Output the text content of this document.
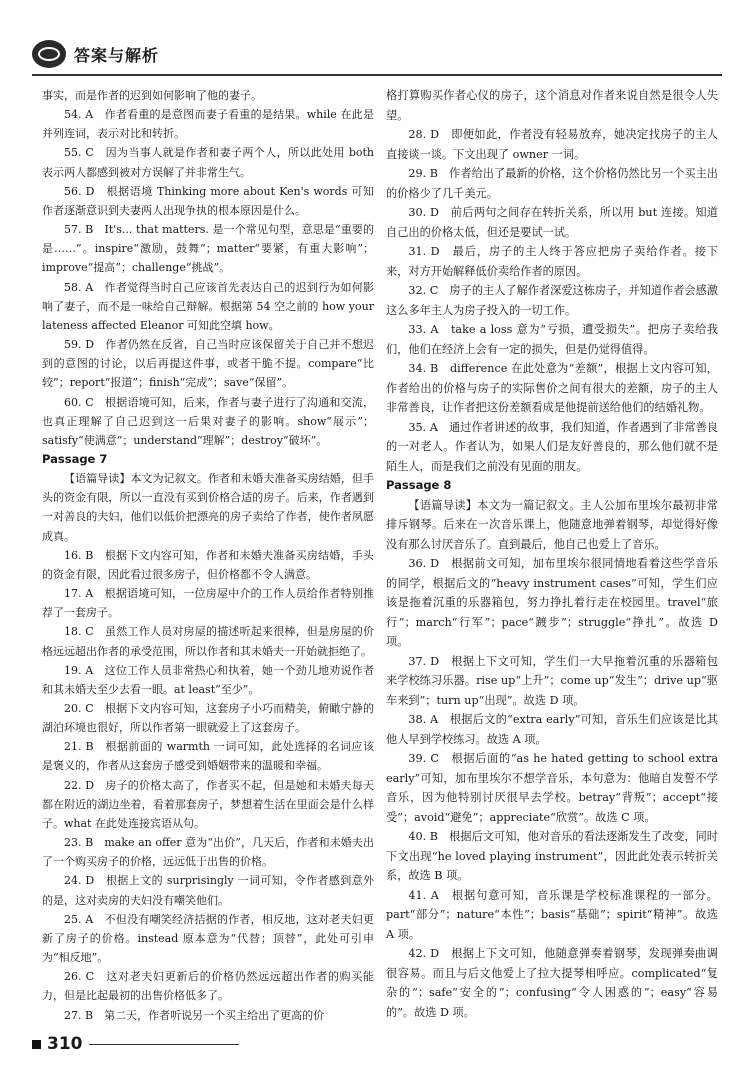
答案与解析

事实，而是作者的迟到如何影响了他的妻子。

54. A　作者看重的是意图而妻子看重的是结果。while 在此是并列连词，表示对比和转折。

55. C　因为当事人就是作者和妻子两个人，所以此处用 both 表示两人都感到被对方误解了并非常生气。

56. D　根据语境 Thinking more about Ken's words 可知作者逐渐意识到夫妻两人出现争执的根本原因是什么。

57. B　It's... that matters. 是一个常见句型，意思是“重要的是……”。inspire“激励，鼓舞”；matter“要紧，有重大影响”；improve“提高”；challenge“挑战”。

58. A　作者觉得当时自己应该首先表达自己的迟到行为如何影响了妻子，而不是一味给自己辩解。根据第 54 空之前的 how your lateness affected Eleanor 可知此空填 how。

59. D　作者仍然在反省，自己当时应该保留关于自己并不想迟到的意图的讨论，以后再提这件事，或者干脆不提。compare“比较”；report“报道”；finish“完成”；save“保留”。

60. C　根据语境可知，后来，作者与妻子进行了沟通和交流，也真正理解了自己迟到这一后果对妻子的影响。show“展示”；satisfy“使满意”；understand“理解”；destroy“破坏”。

Passage 7

【语篇导读】本文为记叙文。作者和未婚夫准备买房结婚，但手头的资金有限，所以一直没有买到价格合适的房子。后来，作者遇到一对善良的夫妇，他们以低价把漂亮的房子卖给了作者，使作者夙愿成真。

16. B　根据下文内容可知，作者和未婚夫准备买房结婚，手头的资金有限，因此看过很多房子，但价格都不令人满意。

17. A　根据语境可知，一位房屋中介的工作人员给作者特别推荐了一套房子。

18. C　虽然工作人员对房屋的描述听起来很棒，但是房屋的价格远远超出作者的承受范围，所以作者和其未婚夫一开始就拒绝了。

19. A　这位工作人员非常热心和执着，她一个劲儿地劝说作者和其未婚夫至少去看一眼。at least“至少”。

20. C　根据下文内容可知，这套房子小巧而精美，俯瞰宁静的湖泊环境也很好，所以作者第一眼就爱上了这套房子。

21. B　根据前面的 warmth 一词可知，此处选择的名词应该是褒义的，作者从这套房子感受到婚姻带来的温暖和幸福。

22. D　房子的价格太高了，作者买不起，但是她和未婚夫每天都在附近的湖边坐着，看着那套房子，梦想着生活在里面会是什么样子。what 在此处连接宾语从句。

23. B　make an offer 意为“出价”，几天后，作者和未婚夫出了一个购买房子的价格，远远低于出售的价格。

24. D　根据上文的 surprisingly 一词可知，令作者感到意外的是，这对卖房的夫妇没有嘲笑他们。

25. A　不但没有嘲笑经济拮据的作者，相反地，这对老夫妇更新了房子的价格。instead 原本意为“代替；顶替”，此处可引申为“相反地”。

26. C　这对老夫妇更新后的价格仍然远远超出作者的购买能力，但是比起最初的出售价格低多了。

27. B　第二天，作者听说另一个买主给出了更高的价

格打算购买作者心仪的房子，这个消息对作者来说自然是很令人失望。

28. D　即便如此，作者没有轻易放弃，她决定找房子的主人直接谈一谈。下文出现了 owner 一词。

29. B　作者给出了最新的价格，这个价格仍然比另一个买主出的价格少了几千美元。

30. D　前后两句之间存在转折关系，所以用 but 连接。知道自己出的价格太低，但还是要试一试。

31. D　最后，房子的主人终于答应把房子卖给作者。接下来，对方开始解释低价卖给作者的原因。

32. C　房子的主人了解作者深爱这栋房子，并知道作者会感激这么多年主人为房子投入的一切工作。

33. A　take a loss 意为“亏损，遭受损失”。把房子卖给我们，他们在经济上会有一定的损失，但是仍觉得值得。

34. B　difference 在此处意为“差额”，根据上文内容可知，作者给出的价格与房子的实际售价之间有很大的差额，房子的主人非常善良，让作者把这份差额看成是他提前送给他们的结婚礼物。

35. A　通过作者讲述的故事，我们知道，作者遇到了非常善良的一对老人。作者认为，如果人们是友好善良的，那么他们就不是陌生人，而是我们之前没有见面的朋友。

Passage 8

【语篇导读】本文为一篇记叙文。主人公加布里埃尔最初非常排斥钢琴。后来在一次音乐课上，他随意地弹着钢琴，却觉得好像没有那么讨厌音乐了。直到最后，他自己也爱上了音乐。

36. D　根据前文可知，加布里埃尔很同情地看着这些学音乐的同学，根据后文的“heavy instrument cases”可知，学生们应该是拖着沉重的乐器箱包，努力挣扎着行走在校园里。travel“旅行”；march“行军”；pace“踱步”；struggle“挣扎”。故选 D 项。

37. D　根据上下文可知，学生们一大早拖着沉重的乐器箱包来学校练习乐器。rise up“上升”；come up“发生”；drive up“驱车来到”；turn up“出现”。故选 D 项。

38. A　根据后文的“extra early”可知，音乐生们应该是比其他人早到学校练习。故选 A 项。

39. C　根据后面的“as he hated getting to school extra early”可知，加布里埃尔不想学音乐，本句意为：他暗自发誓不学音乐，因为他特别讨厌很早去学校。betray“背叛”；accept“接受”；avoid“避免”；appreciate“欣赏”。故选 C 项。

40. B　根据后文可知，他对音乐的看法逐渐发生了改变，同时下文出现“he loved playing instrument”，因此此处表示转折关系，故选 B 项。

41. A　根据句意可知，音乐课是学校标准课程的一部分。part“部分”；nature“本性”；basis“基础”；spirit“精神”。故选 A 项。

42. D　根据上下文可知，他随意弹奏着钢琴，发现弹奏曲调很容易。而且与后文他爱上了拉大提琴相呼应。complicated“复杂的”；safe“安全的”；confusing“令人困惑的”；easy“容易的”。故选 D 项。

310
